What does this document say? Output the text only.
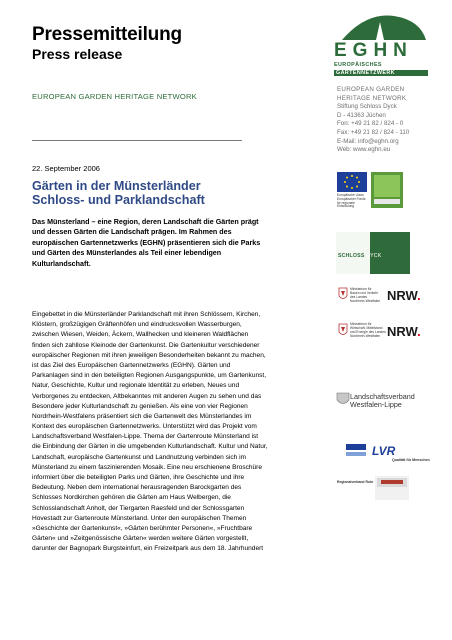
Pressemitteilung
Press release
EUROPEAN GARDEN HERITAGE NETWORK
EGHN
EUROPÄISCHES
GARTENNETZWERK
EUROPEAN GARDEN
HERITAGE NETWORK
Stiftung Schloss Dyck
D - 41363 Jüchen
Fon: +49 21 82 / 824 - 0
Fax: +49 21 82 / 824 - 110
E-Mail: info@eghn.org
Web: www.eghn.eu
22. September 2006
Gärten in der Münsterländer
Schloss- und Parklandschaft
Das Münsterland – eine Region, deren Landschaft die Gärten prägt
und dessen Gärten die Landschaft prägen. Im Rahmen des
europäischen Gartennetzwerks (EGHN) präsentieren sich die Parks
und Gärten des Münsterlandes als Teil einer lebendigen
Kulturlandschaft.

Eingebettet in die Münsterländer Parklandschaft mit ihren Schlössern, Kirchen,

Klöstern, großzügigen Gräftenhöfen und eindrucksvollen Wasserburgen,

zwischen Wiesen, Weiden, Äckern, Wallhecken und kleineren Waldflächen

finden sich zahllose Kleinode der Gartenkunst. Die Gartenkultur verschiedener

europäischer Regionen mit ihren jeweiligen Besonderheiten bekannt zu machen,

ist das Ziel des Europäischen Gartennetzwerks (EGHN). Gärten und

Parkanlagen sind in den beteiligten Regionen Ausgangspunkte, um Gartenkunst,

Natur, Geschichte, Kultur und regionale Identität zu erleben, Neues und

Verborgenes zu entdecken, Altbekanntes mit anderen Augen zu sehen und das

Besondere jeder Kulturlandschaft zu genießen. Als eine von vier Regionen

Nordrhein-Westfalens präsentiert sich die Gartenwelt des Münsterlandes im

Kontext des europäischen Gartennetzwerks. Unterstützt wird das Projekt vom

Landschaftsverband Westfalen-Lippe. Thema der Gartenroute Münsterland ist

die Einbindung der Gärten in die umgebenden Kulturlandschaft. Kultur und Natur,

Landschaft, europäische Gartenkunst und Landnutzung verbinden sich im

Münsterland zu einem faszinierenden Mosaik. Eine neu erschienene Broschüre

informiert über die beteiligten Parks und Gärten, ihre Geschichte und ihre

Bedeutung. Neben dem international herausragenden Barockgarten des

Schlosses Nordkirchen gehören die Gärten am Haus Welbergen, die

Schlosslandschaft Anholt, der Tiergarten Raesfeld und der Schlossgarten

Hovestadt zur Gartenroute Münsterland. Unter den europäischen Themen

»Geschichte der Gartenkunst«, »Gärten berühmter Personen«, »Fruchtbare

Gärten« und »Zeitgenössische Gärten« werden weitere Gärten vorgestellt,

darunter der Bagnopark Burgsteinfurt, ein Freizeitpark aus dem 18. Jahrhundert

Europäische Union Europäischer Fonds für regionale Entwicklung
SCHLOSS DYCK
Ministerium für
Bauen und Verkehr
des Landes
Nordrhein-Westfalen NRW.
Ministerium für
Wirtschaft, Mittelstand
und Energie des Landes
Nordrhein-Westfalen NRW.
Landschaftsverband
Westfalen-Lippe
LVR
Qualität für Menschen
Regionalverband Ruhr
